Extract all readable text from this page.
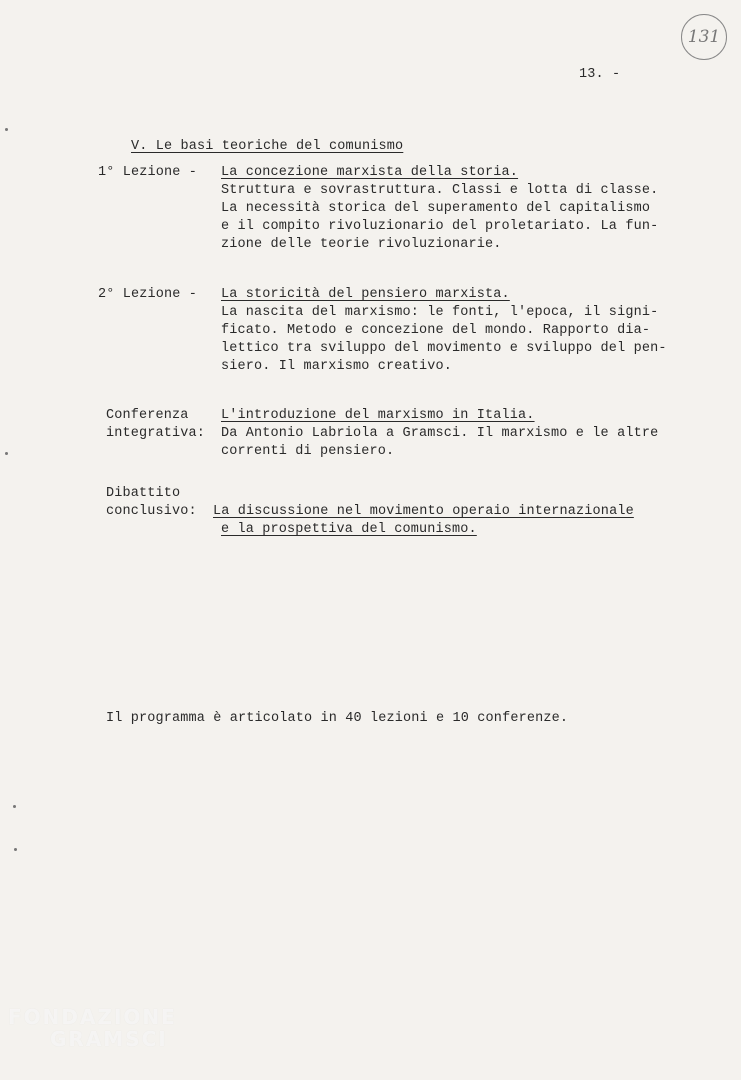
131
13. -

V. Le basi teoriche del comunismo

1° Lezione - La concezione marxista della storia.
Struttura e sovrastruttura. Classi e lotta di classe.
La necessità storica del superamento del capitalismo
e il compito rivoluzionario del proletariato. La fun-
zione delle teorie rivoluzionarie.
2° Lezione - La storicità del pensiero marxista.
La nascita del marxismo: le fonti, l'epoca, il signi-
ficato. Metodo e concezione del mondo. Rapporto dia-
lettico tra sviluppo del movimento e sviluppo del pen-
siero. Il marxismo creativo.
Conferenza
integrativa:
L'introduzione del marxismo in Italia.
Da Antonio Labriola a Gramsci. Il marxismo e le altre
correnti di pensiero.
Dibattito
conclusivo: La discussione nel movimento operaio internazionale
e la prospettiva del comunismo.
Il programma è articolato in 40 lezioni e 10 conferenze.
FONDAZIONE
GRAMSCI
